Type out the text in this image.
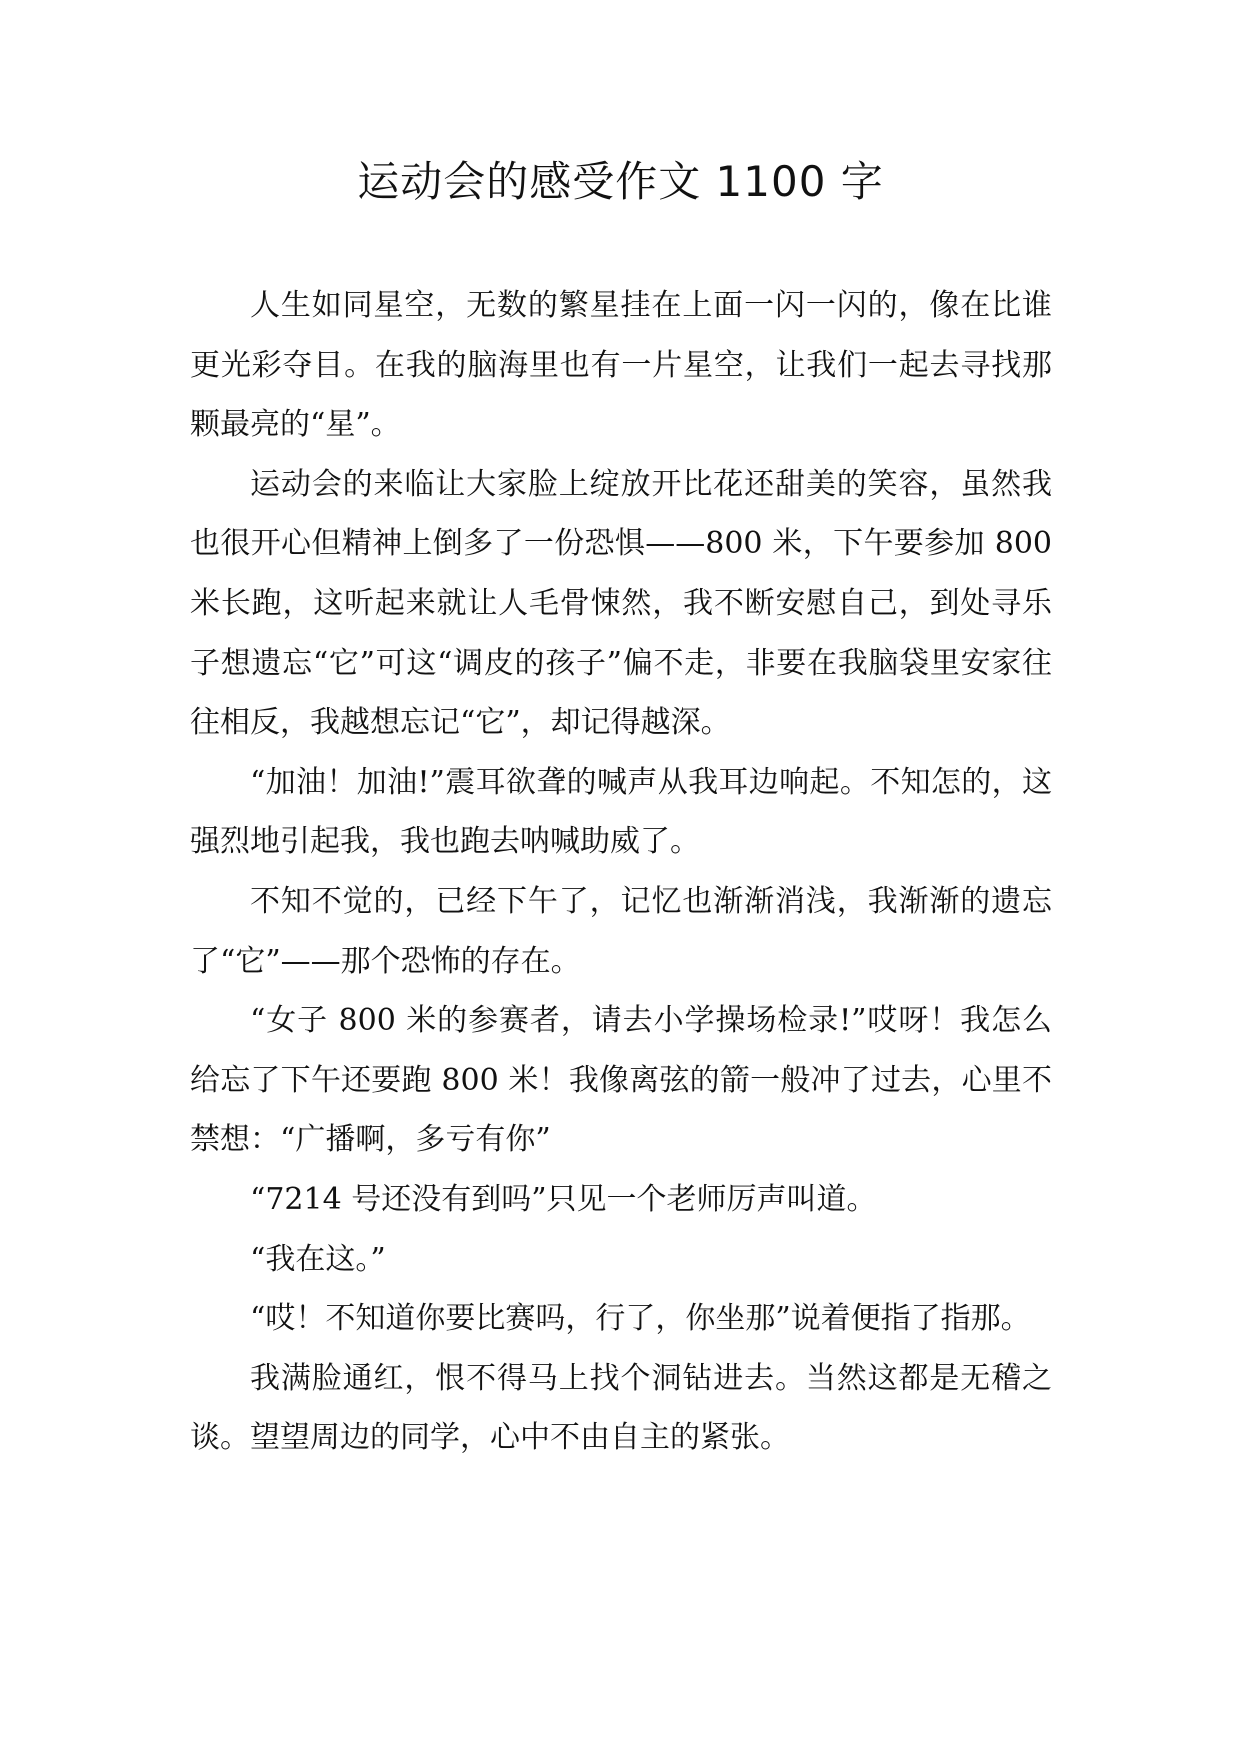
运动会的感受作文 1100 字

人生如同星空，无数的繁星挂在上面一闪一闪的，像在比谁更光彩夺目。在我的脑海里也有一片星空，让我们一起去寻找那颗最亮的“星”。

运动会的来临让大家脸上绽放开比花还甜美的笑容，虽然我也很开心但精神上倒多了一份恐惧——800 米，下午要参加 800 米长跑，这听起来就让人毛骨悚然，我不断安慰自己，到处寻乐子想遗忘“它”可这“调皮的孩子”偏不走，非要在我脑袋里安家往往相反，我越想忘记“它”，却记得越深。

“加油！加油!”震耳欲聋的喊声从我耳边响起。不知怎的，这强烈地引起我，我也跑去呐喊助威了。

不知不觉的，已经下午了，记忆也渐渐消浅，我渐渐的遗忘了“它”——那个恐怖的存在。

“女子 800 米的参赛者，请去小学操场检录!”哎呀！我怎么给忘了下午还要跑 800 米！我像离弦的箭一般冲了过去，心里不禁想：“广播啊，多亏有你”

“7214 号还没有到吗”只见一个老师厉声叫道。

“我在这。”

“哎！不知道你要比赛吗，行了，你坐那”说着便指了指那。

我满脸通红，恨不得马上找个洞钻进去。当然这都是无稽之谈。望望周边的同学，心中不由自主的紧张。
